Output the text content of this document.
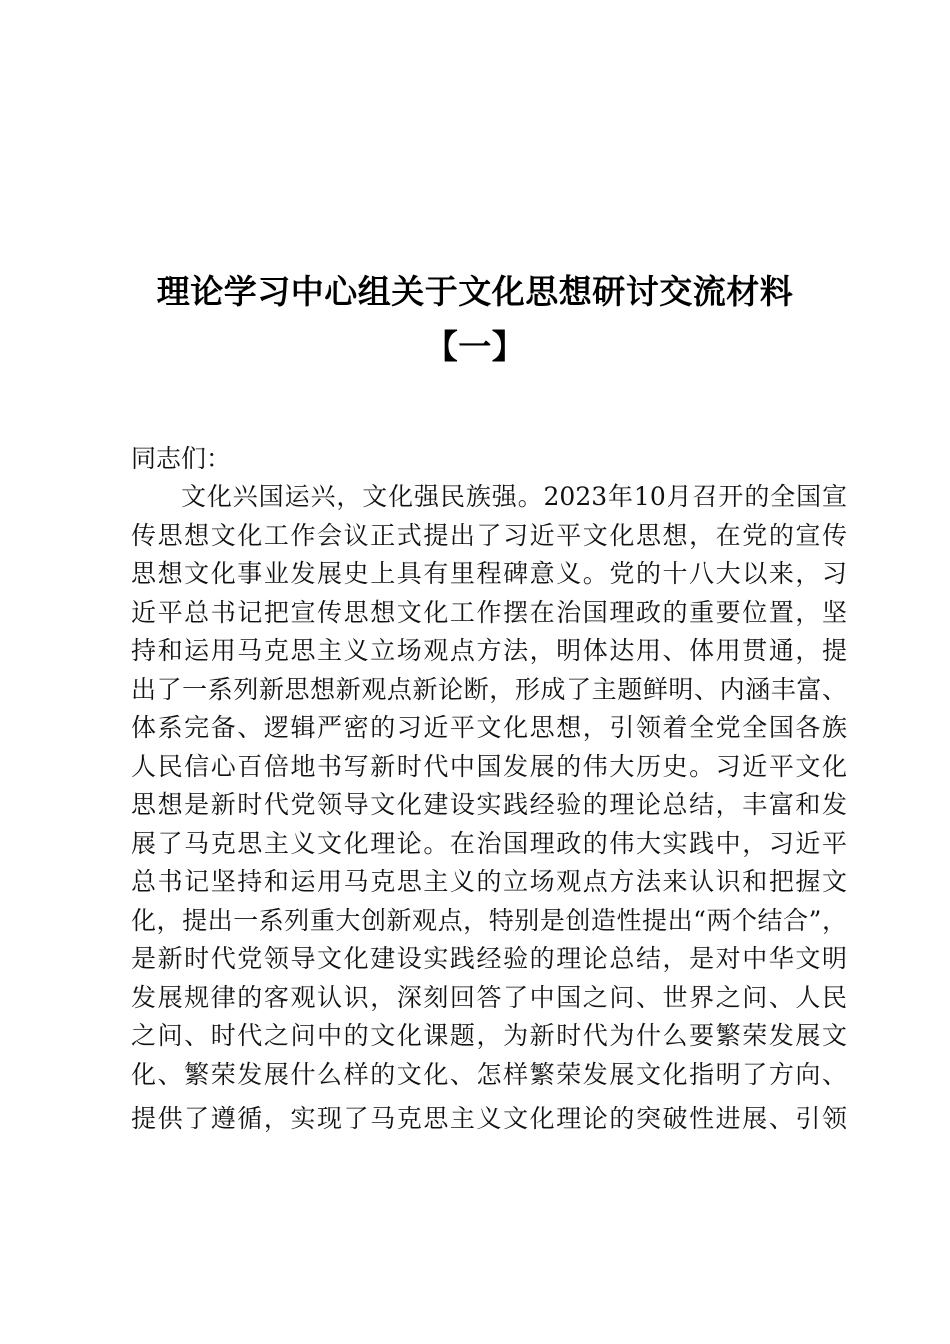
理论学习中心组关于文化思想研讨交流材料
【一】
同志们：
文化兴国运兴，文化强民族强。2023年10月召开的全国宣
传思想文化工作会议正式提出了习近平文化思想，在党的宣传
思想文化事业发展史上具有里程碑意义。党的十八大以来，习
近平总书记把宣传思想文化工作摆在治国理政的重要位置，坚
持和运用马克思主义立场观点方法，明体达用、体用贯通，提
出了一系列新思想新观点新论断，形成了主题鲜明、内涵丰富、
体系完备、逻辑严密的习近平文化思想，引领着全党全国各族
人民信心百倍地书写新时代中国发展的伟大历史。习近平文化
思想是新时代党领导文化建设实践经验的理论总结，丰富和发
展了马克思主义文化理论。在治国理政的伟大实践中，习近平
总书记坚持和运用马克思主义的立场观点方法来认识和把握文
化，提出一系列重大创新观点，特别是创造性提出“两个结合”，
是新时代党领导文化建设实践经验的理论总结，是对中华文明
发展规律的客观认识，深刻回答了中国之问、世界之问、人民
之问、时代之问中的文化课题，为新时代为什么要繁荣发展文
化、繁荣发展什么样的文化、怎样繁荣发展文化指明了方向、
提供了遵循，实现了马克思主义文化理论的突破性进展、引领
